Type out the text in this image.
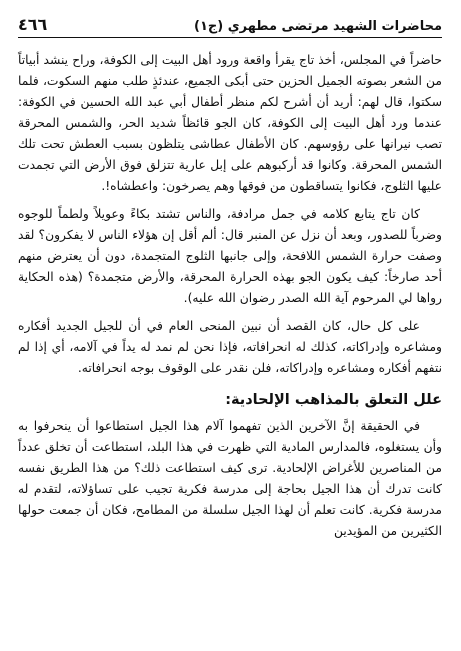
محاضرات الشهيد مرتضى مطهري (ج١)
٤٦٦

حاضراً في المجلس، أخذ تاج يقرأ واقعة ورود أهل البيت إلى الكوفة، وراح ينشد أبياتاً من الشعر بصوته الجميل الحزين حتى أبكى الجميع، عندئذٍ طلب منهم السكوت، فلما سكتوا، قال لهم: أريد أن أشرح لكم منظر أطفال أبي عبد الله الحسين في الكوفة: عندما ورد أهل البيت إلى الكوفة، كان الجو قائظاً شديد الحر، والشمس المحرقة تصب نيرانها على رؤوسهم. كان الأطفال عطاشى يتلظون بسبب العطش تحت تلك الشمس المحرقة. وكانوا قد أركبوهم على إبل عارية تتزلق فوق الأرض التي تجمدت عليها الثلوج، فكانوا يتساقطون من فوقها وهم يصرخون: واعطشاه!.

كان تاج يتابع كلامه في جمل مرادفة، والناس تشتد بكاءً وعويلاً ولطماً للوجوه وضرباً للصدور، وبعد أن نزل عن المنبر قال: ألم أقل إن هؤلاء الناس لا يفكرون؟ لقد وصفت حرارة الشمس اللافحة، وإلى جانبها الثلوج المتجمدة، دون أن يعترض منهم أحد صارخاً: كيف يكون الجو بهذه الحرارة المحرقة، والأرض متجمدة؟ (هذه الحكاية رواها لي المرحوم آية الله الصدر رضوان الله عليه).

على كل حال، كان القصد أن نبين المنحى العام في أن للجيل الجديد أفكاره ومشاعره وإدراكاته، كذلك له انحرافاته، فإذا نحن لم نمد له يداً في آلامه، أي إذا لم نتفهم أفكاره ومشاعره وإدراكاته، فلن نقدر على الوقوف بوجه انحرافاته.

علل التعلق بالمذاهب الإلحادية:

في الحقيقة إنَّ الآخرين الذين تفهموا آلام هذا الجيل استطاعوا أن ينحرفوا به وأن يستغلوه، فالمدارس المادية التي ظهرت في هذا البلد، استطاعت أن تخلق عدداً من المناصرين للأغراض الإلحادية. ترى كيف استطاعت ذلك؟ من هذا الطريق نفسه كانت تدرك أن هذا الجيل بحاجة إلى مدرسة فكرية تجيب على تساؤلاته، لتقدم له مدرسة فكرية. كانت تعلم أن لهذا الجيل سلسلة من المطامح، فكان أن جمعت حولها الكثيرين من المؤيدين
